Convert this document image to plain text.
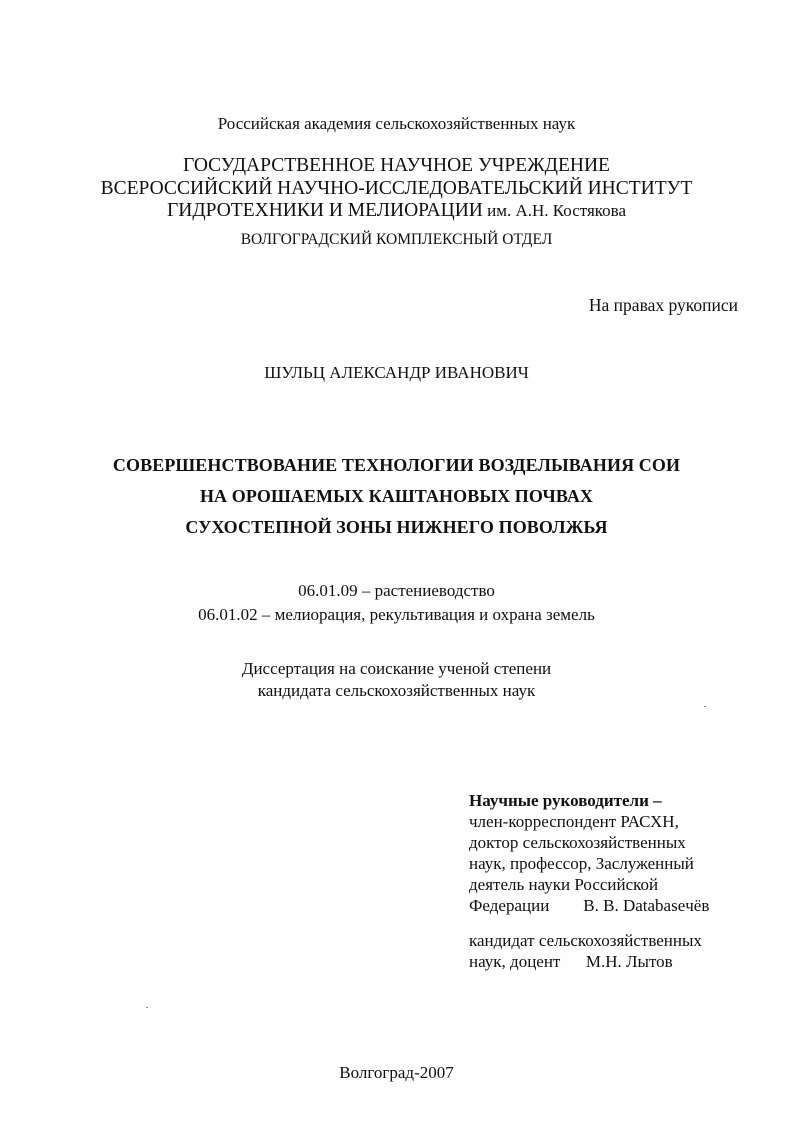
Российская академия сельскохозяйственных наук
ГОСУДАРСТВЕННОЕ НАУЧНОЕ УЧРЕЖДЕНИЕ
ВСЕРОССИЙСКИЙ НАУЧНО-ИССЛЕДОВАТЕЛЬСКИЙ ИНСТИТУТ
ГИДРОТЕХНИКИ И МЕЛИОРАЦИИ им. А.Н. Костякова
ВОЛГОГРАДСКИЙ КОМПЛЕКСНЫЙ ОТДЕЛ
На правах рукописи
ШУЛЬЦ АЛЕКСАНДР ИВАНОВИЧ
СОВЕРШЕНСТВОВАНИЕ ТЕХНОЛОГИИ ВОЗДЕЛЫВАНИЯ СОИ
НА ОРОШАЕМЫХ КАШТАНОВЫХ ПОЧВАХ
СУХОСТЕПНОЙ ЗОНЫ НИЖНЕГО ПОВОЛЖЬЯ
06.01.09 – растениеводство
06.01.02 – мелиорация, рекультивация и охрана земель
Диссертация на соискание ученой степени
кандидата сельскохозяйственных наук
Научные руководители –
член-корреспондент РАСХН,
доктор сельскохозяйственных
наук, профессор, Заслуженный
деятель науки Российской
Федерации        В. В. Databaseчёв
кандидат сельскохозяйственных
наук, доцент      М.Н. Лытов
Волгоград-2007
